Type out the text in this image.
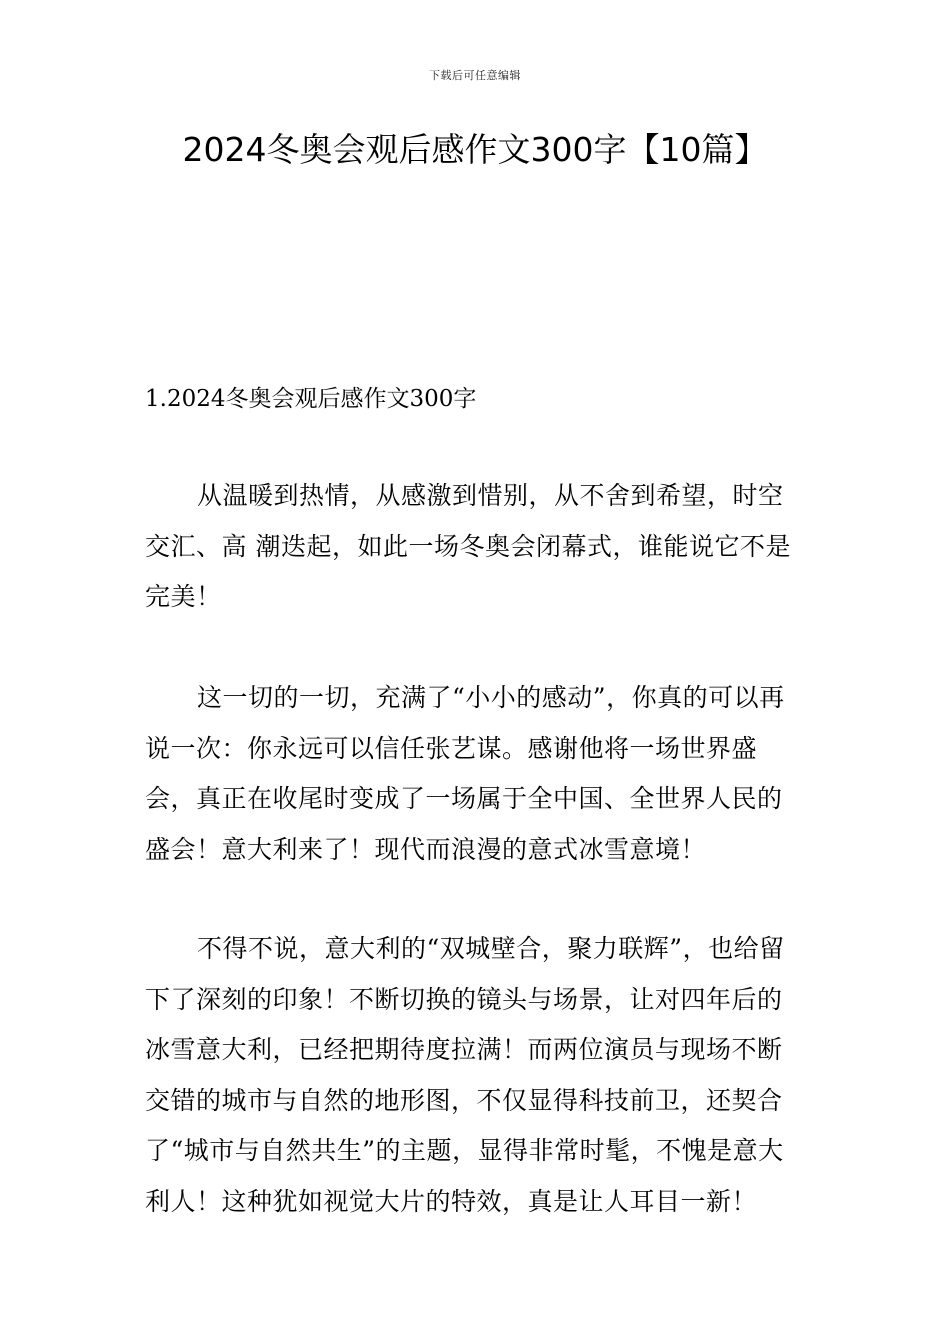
下载后可任意编辑
2024冬奥会观后感作文300字【10篇】
1.2024冬奥会观后感作文300字

从温暖到热情，从感激到惜别，从不舍到希望，时空交汇、高 潮迭起，如此一场冬奥会闭幕式，谁能说它不是完美！

这一切的一切，充满了“小小的感动”，你真的可以再说一次：你永远可以信任张艺谋。感谢他将一场世界盛会，真正在收尾时变成了一场属于全中国、全世界人民的盛会！意大利来了！现代而浪漫的意式冰雪意境！

不得不说，意大利的“双城壁合，聚力联辉”，也给留下了深刻的印象！不断切换的镜头与场景，让对四年后的冰雪意大利，已经把期待度拉满！而两位演员与现场不断交错的城市与自然的地形图，不仅显得科技前卫，还契合了“城市与自然共生”的主题，显得非常时髦，不愧是意大利人！这种犹如视觉大片的特效，真是让人耳目一新！
